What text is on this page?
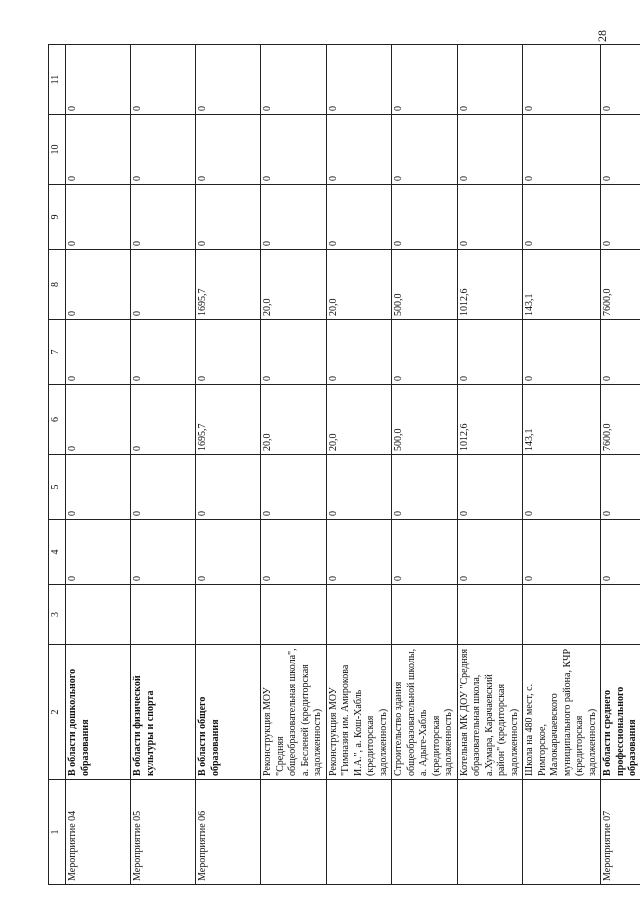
28
1	2	3	4	5	6	7	8	9	10	11
Мероприятие 04	В области дошкольного образования		0	0	0	0	0	0	0	0
Мероприятие 05	В области физической культуры и спорта		0	0	0	0	0	0	0	0
Мероприятие 06	В области общего образования		0	0	1695,7	0	1695,7	0	0	0
	Реконструкция МОУ "Средняя общеобразовательная школа", а. Бесленей (кредиторская задолженность)		0	0	20,0	0	20,0	0	0	0
	Реконструкция МОУ "Гимназия им. Амирокова И.А.", а. Кош-Хабль (кредиторская задолженность)		0	0	20,0	0	20,0	0	0	0
	Строительство здания общеобразовательной школы, а. Адыге-Хабль (кредиторская задолженность)		0	0	500,0	0	500,0	0	0	0
	Котельная МК ДОУ "Средняя образовательная школа, а.Хумара, Карачаевский район" (кредиторская задолженность)		0	0	1012,6	0	1012,6	0	0	0
	Школа на 480 мест, с. Римгорское, Малокарачаевского муниципального района, КЧР (кредиторская задолженность)		0	0	143,1	0	143,1	0	0	0
Мероприятие 07	В области среднего профессионального образования		0	0	7600,0	0	7600,0	0	0	0
